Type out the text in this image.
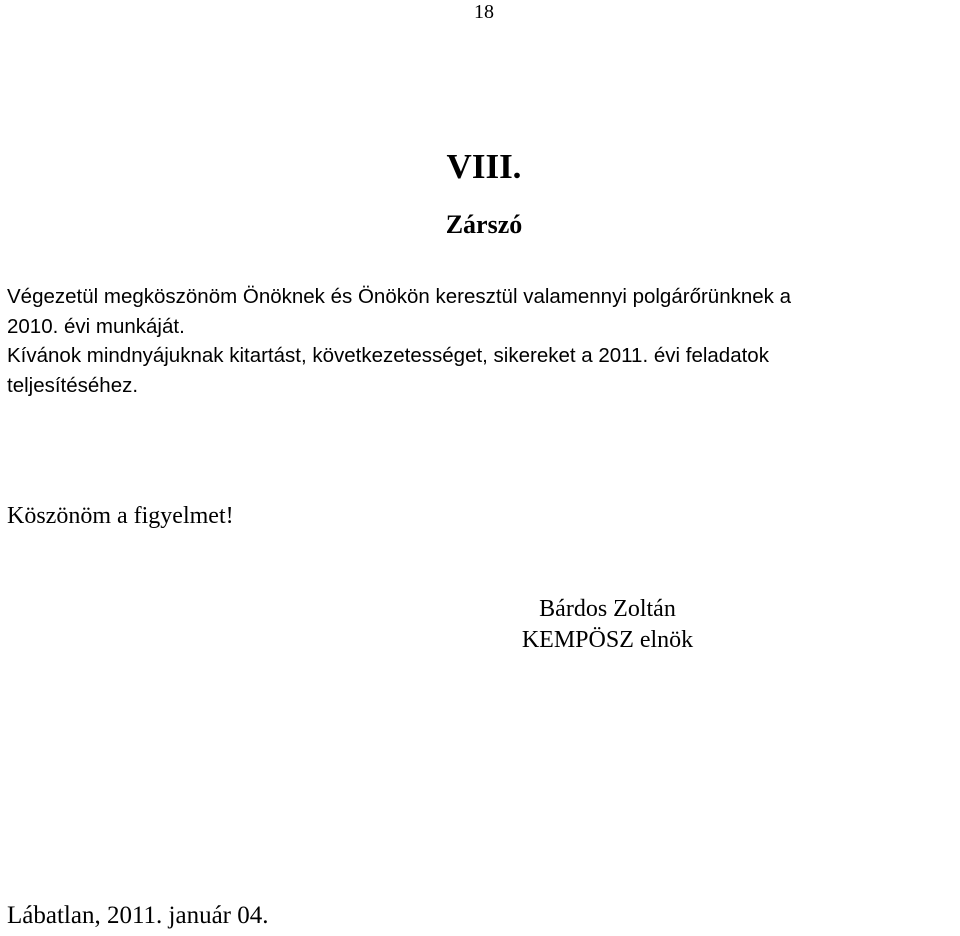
18
VIII.
Zárszó

Végezetül megköszönöm Önöknek és Önökön keresztül valamennyi polgárőrünknek a

2010. évi munkáját.

Kívánok mindnyájuknak kitartást, következetességet, sikereket a 2011. évi feladatok

teljesítéséhez.

Köszönöm a figyelmet!
Bárdos Zoltán
KEMPÖSZ elnök
Lábatlan, 2011. január 04.
